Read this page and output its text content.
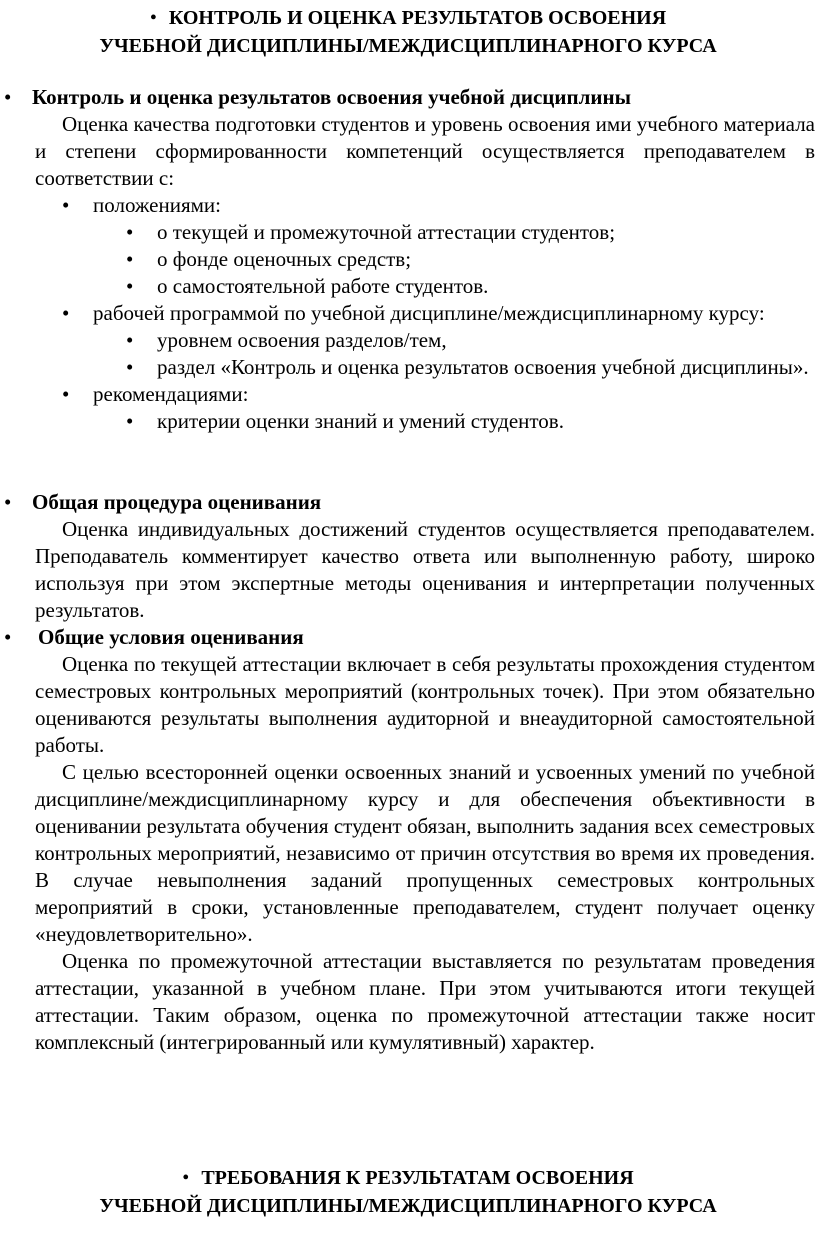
• КОНТРОЛЬ И ОЦЕНКА РЕЗУЛЬТАТОВ ОСВОЕНИЯ
УЧЕБНОЙ ДИСЦИПЛИНЫ/МЕЖДИСЦИПЛИНАРНОГО КУРСА
• Контроль и оценка результатов освоения учебной дисциплины

Оценка качества подготовки студентов и уровень освоения ими учебного материала и степени сформированности компетенций осуществляется преподавателем в соответствии с:

• положениями:
• о текущей и промежуточной аттестации студентов;
• о фонде оценочных средств;
• о самостоятельной работе студентов.
• рабочей программой по учебной дисциплине/междисциплинарному курсу:
• уровнем освоения разделов/тем,
• раздел «Контроль и оценка результатов освоения учебной дисциплины».
• рекомендациями:
• критерии оценки знаний и умений студентов.
• Общая процедура оценивания

Оценка индивидуальных достижений студентов осуществляется преподавателем. Преподаватель комментирует качество ответа или выполненную работу, широко используя при этом экспертные методы оценивания и интерпретации полученных результатов.

• Общие условия оценивания

Оценка по текущей аттестации включает в себя результаты прохождения студентом семестровых контрольных мероприятий (контрольных точек). При этом обязательно оцениваются результаты выполнения аудиторной и внеаудиторной самостоятельной работы.

С целью всесторонней оценки освоенных знаний и усвоенных умений по учебной дисциплине/междисциплинарному курсу и для обеспечения объективности в оценивании результата обучения студент обязан, выполнить задания всех семестровых контрольных мероприятий, независимо от причин отсутствия во время их проведения. В случае невыполнения заданий пропущенных семестровых контрольных мероприятий в сроки, установленные преподавателем, студент получает оценку «неудовлетворительно».

Оценка по промежуточной аттестации выставляется по результатам проведения аттестации, указанной в учебном плане. При этом учитываются итоги текущей аттестации. Таким образом, оценка по промежуточной аттестации также носит комплексный (интегрированный или кумулятивный) характер.

• ТРЕБОВАНИЯ К РЕЗУЛЬТАТАМ ОСВОЕНИЯ
УЧЕБНОЙ ДИСЦИПЛИНЫ/МЕЖДИСЦИПЛИНАРНОГО КУРСА
